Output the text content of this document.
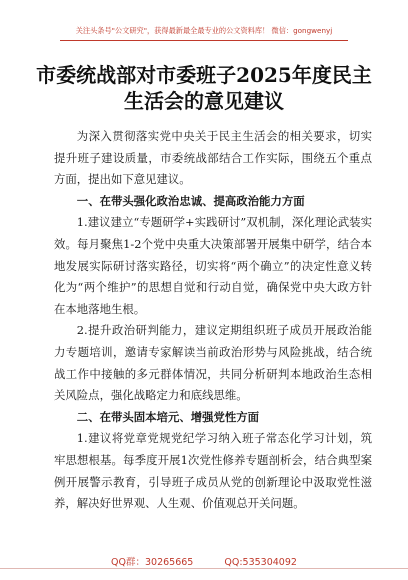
关注头条号"公文研究"，获得最新最全最专业的公文资料库！ 微信：gongwenyj
市委统战部对市委班子2025年度民主生活会的意见建议

为深入贯彻落实党中央关于民主生活会的相关要求，切实提升班子建设质量，市委统战部结合工作实际，围绕五个重点方面，提出如下意见建议。

一、在带头强化政治忠诚、提高政治能力方面

1.建议建立“专题研学+实践研讨”双机制，深化理论武装实效。每月聚焦1-2个党中央重大决策部署开展集中研学，结合本地发展实际研讨落实路径，切实将“两个确立”的决定性意义转化为“两个维护”的思想自觉和行动自觉，确保党中央大政方针在本地落地生根。

2.提升政治研判能力，建议定期组织班子成员开展政治能力专题培训，邀请专家解读当前政治形势与风险挑战，结合统战工作中接触的多元群体情况，共同分析研判本地政治生态相关风险点，强化战略定力和底线思维。

二、在带头固本培元、增强党性方面

1.建议将党章党规党纪学习纳入班子常态化学习计划，筑牢思想根基。每季度开展1次党性修养专题剖析会，结合典型案例开展警示教育，引导班子成员从党的创新理论中汲取党性滋养，解决好世界观、人生观、价值观总开关问题。

QQ群：30265665	QQ:535304092
